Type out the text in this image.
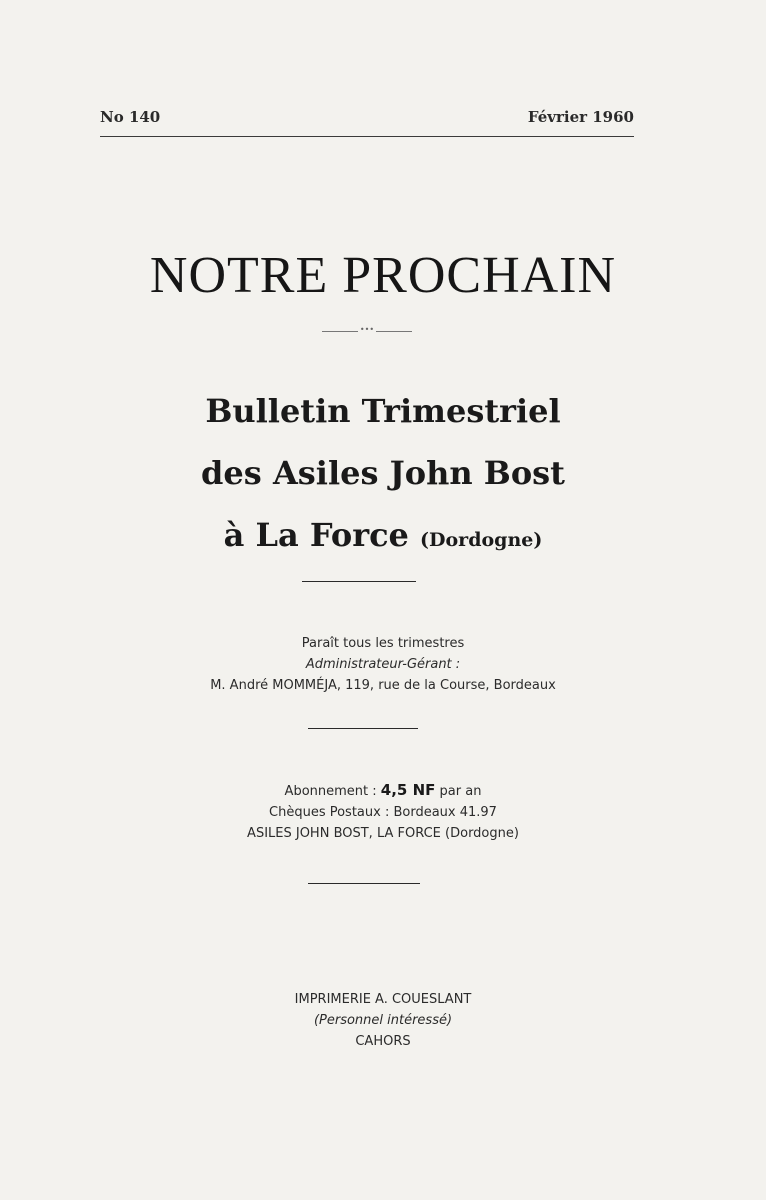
No 140	Février 1960
NOTRE PROCHAIN
•••
Bulletin Trimestriel
des Asiles John Bost
à La Force (Dordogne)
Paraît tous les trimestres
Administrateur-Gérant :
M. André MOMMÉJA, 119, rue de la Course, Bordeaux
Abonnement : 4,5 NF par an
Chèques Postaux : Bordeaux 41.97
ASILES JOHN BOST, LA FORCE (Dordogne)
IMPRIMERIE A. COUESLANT
(Personnel intéressé)
CAHORS
